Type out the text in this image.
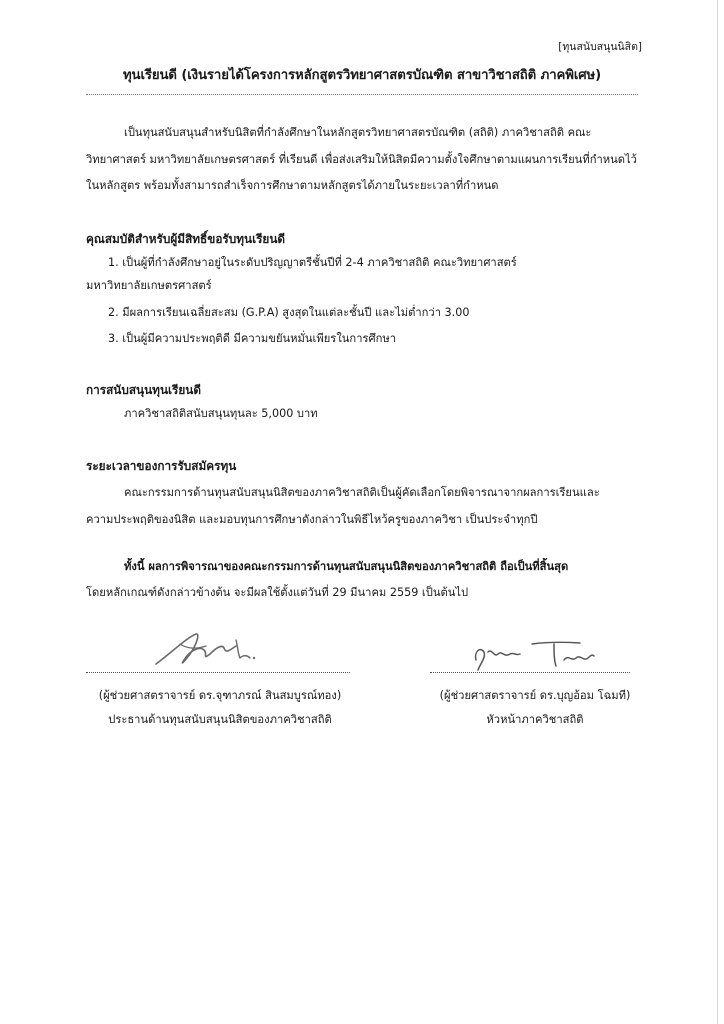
[ทุนสนับสนุนนิสิต]
ทุนเรียนดี (เงินรายได้โครงการหลักสูตรวิทยาศาสตรบัณฑิต สาขาวิชาสถิติ ภาคพิเศษ)
เป็นทุนสนับสนุนสำหรับนิสิตที่กำลังศึกษาในหลักสูตรวิทยาศาสตรบัณฑิต (สถิติ) ภาควิชาสถิติ คณะวิทยาศาสตร์ มหาวิทยาลัยเกษตรศาสตร์ ที่เรียนดี เพื่อส่งเสริมให้นิสิตมีความตั้งใจศึกษาตามแผนการเรียนที่กำหนดไว้ในหลักสูตร พร้อมทั้งสามารถสำเร็จการศึกษาตามหลักสูตรได้ภายในระยะเวลาที่กำหนด
คุณสมบัติสำหรับผู้มีสิทธิ์ขอรับทุนเรียนดี
1. เป็นผู้ที่กำลังศึกษาอยู่ในระดับปริญญาตรีชั้นปีที่ 2-4 ภาควิชาสถิติ คณะวิทยาศาสตร์
มหาวิทยาลัยเกษตรศาสตร์
2. มีผลการเรียนเฉลี่ยสะสม (G.P.A) สูงสุดในแต่ละชั้นปี และไม่ต่ำกว่า 3.00
3. เป็นผู้มีความประพฤติดี มีความขยันหมั่นเพียรในการศึกษา
การสนับสนุนทุนเรียนดี
ภาควิชาสถิติสนับสนุนทุนละ 5,000 บาท
ระยะเวลาของการรับสมัครทุน
คณะกรรมการด้านทุนสนับสนุนนิสิตของภาควิชาสถิติเป็นผู้คัดเลือกโดยพิจารณาจากผลการเรียนและ
ความประพฤติของนิสิต และมอบทุนการศึกษาดังกล่าวในพิธีไหว้ครูของภาควิชา เป็นประจำทุกปี
ทั้งนี้ ผลการพิจารณาของคณะกรรมการด้านทุนสนับสนุนนิสิตของภาควิชาสถิติ ถือเป็นที่สิ้นสุด
โดยหลักเกณฑ์ดังกล่าวข้างต้น จะมีผลใช้ตั้งแต่วันที่ 29 มีนาคม 2559 เป็นต้นไป
(ผู้ช่วยศาสตราจารย์ ดร.จุฑาภรณ์ สินสมบูรณ์ทอง)
ประธานด้านทุนสนับสนุนนิสิตของภาควิชาสถิติ
(ผู้ช่วยศาสตราจารย์ ดร.บุญอ้อม โฉมที)
หัวหน้าภาควิชาสถิติ
